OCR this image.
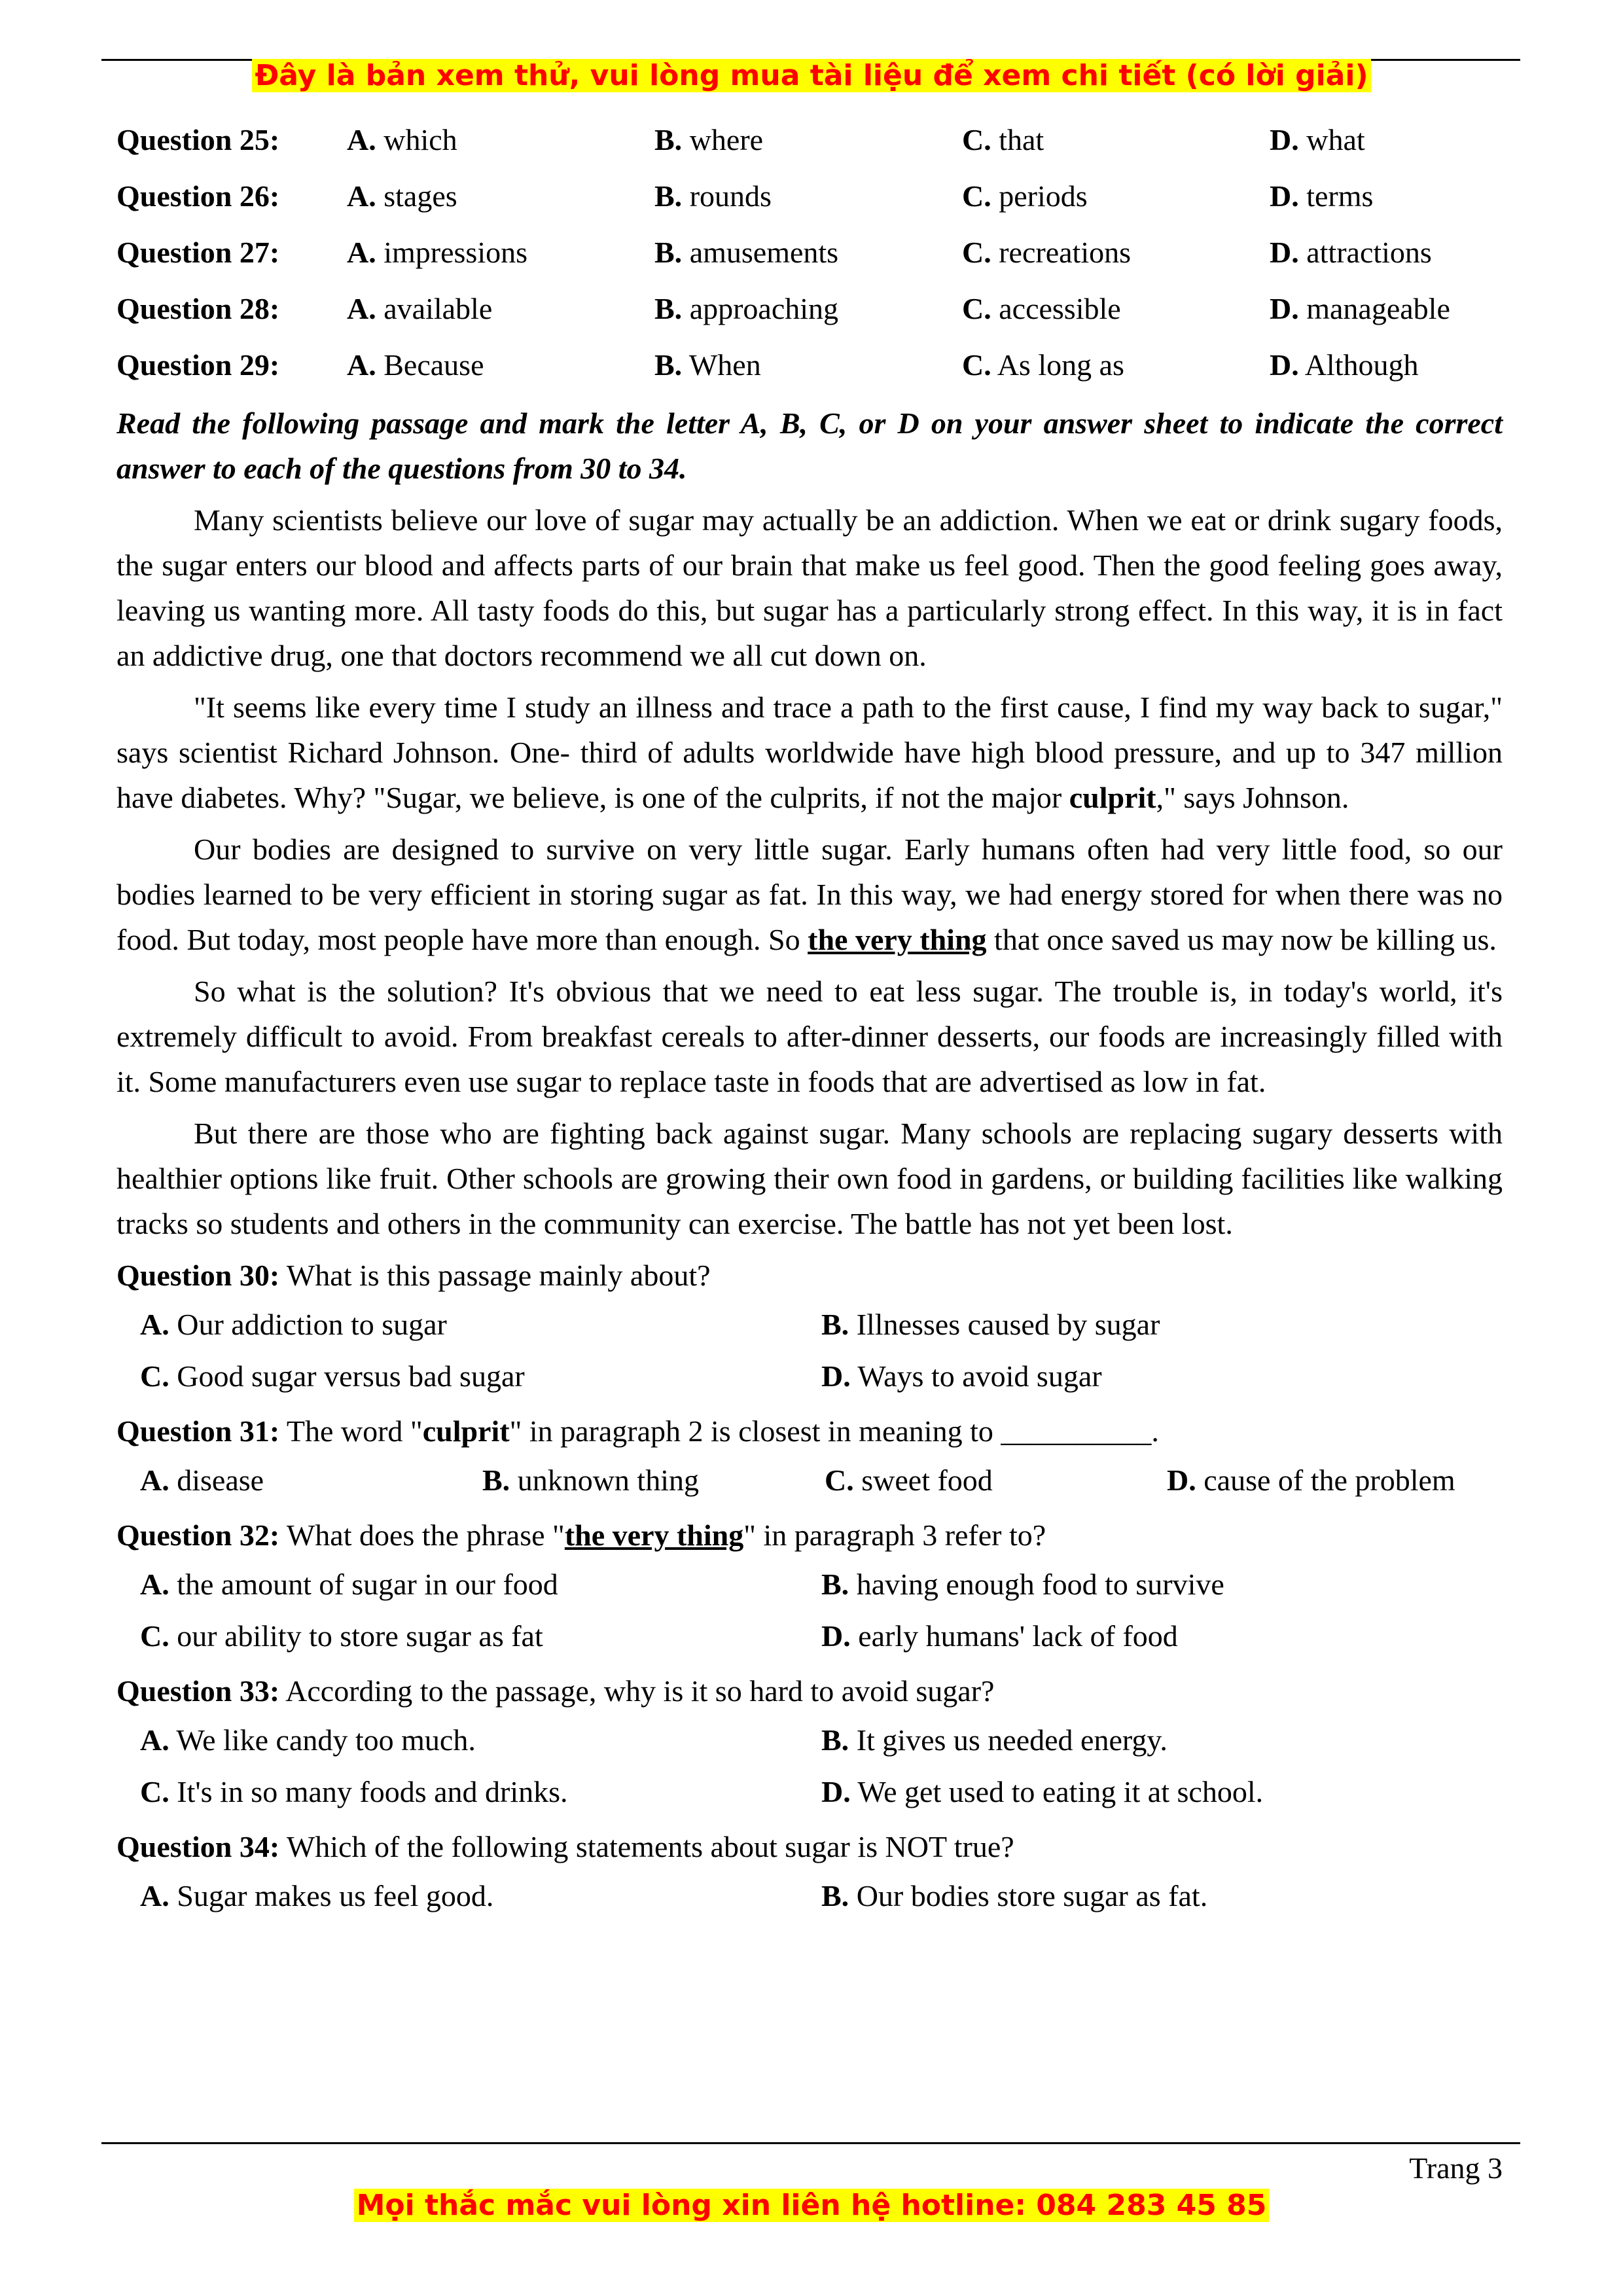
Đây là bản xem thử, vui lòng mua tài liệu để xem chi tiết (có lời giải)
Question 25:	A. which	B. where	C. that	D. what
Question 26:	A. stages	B. rounds	C. periods	D. terms
Question 27:	A. impressions	B. amusements	C. recreations	D. attractions
Question 28:	A. available	B. approaching	C. accessible	D. manageable
Question 29:	A. Because	B. When	C. As long as	D. Although
Read the following passage and mark the letter A, B, C, or D on your answer sheet to indicate the correct answer to each of the questions from 30 to 34.
Many scientists believe our love of sugar may actually be an addiction. When we eat or drink sugary foods, the sugar enters our blood and affects parts of our brain that make us feel good. Then the good feeling goes away, leaving us wanting more. All tasty foods do this, but sugar has a particularly strong effect. In this way, it is in fact an addictive drug, one that doctors recommend we all cut down on.
"It seems like every time I study an illness and trace a path to the first cause, I find my way back to sugar," says scientist Richard Johnson. One- third of adults worldwide have high blood pressure, and up to 347 million have diabetes. Why? "Sugar, we believe, is one of the culprits, if not the major culprit," says Johnson.
Our bodies are designed to survive on very little sugar. Early humans often had very little food, so our bodies learned to be very efficient in storing sugar as fat. In this way, we had energy stored for when there was no food. But today, most people have more than enough. So the very thing that once saved us may now be killing us.
So what is the solution? It's obvious that we need to eat less sugar. The trouble is, in today's world, it's extremely difficult to avoid. From breakfast cereals to after-dinner desserts, our foods are increasingly filled with it. Some manufacturers even use sugar to replace taste in foods that are advertised as low in fat.
But there are those who are fighting back against sugar. Many schools are replacing sugary desserts with healthier options like fruit. Other schools are growing their own food in gardens, or building facilities like walking tracks so students and others in the community can exercise. The battle has not yet been lost.
Question 30: What is this passage mainly about?
A. Our addiction to sugar	B. Illnesses caused by sugar
C. Good sugar versus bad sugar	D. Ways to avoid sugar
Question 31: The word "culprit" in paragraph 2 is closest in meaning to __________.
A. disease	B. unknown thing	C. sweet food	D. cause of the problem
Question 32: What does the phrase "the very thing" in paragraph 3 refer to?
A. the amount of sugar in our food	B. having enough food to survive
C. our ability to store sugar as fat	D. early humans' lack of food
Question 33: According to the passage, why is it so hard to avoid sugar?
A. We like candy too much.	B. It gives us needed energy.
C. It's in so many foods and drinks.	D. We get used to eating it at school.
Question 34: Which of the following statements about sugar is NOT true?
A. Sugar makes us feel good.	B. Our bodies store sugar as fat.
Trang 3
Mọi thắc mắc vui lòng xin liên hệ hotline: 084 283 45 85
